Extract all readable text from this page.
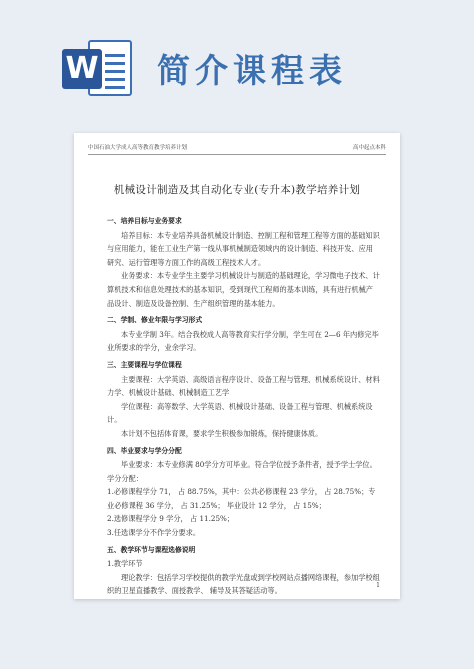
W 简介课程表
中国石油大学成人高等教育教学培养计划	高中起点本科
机械设计制造及其自动化专业(专升本)教学培养计划

一、培养目标与业务要求

培养目标：本专业培养具备机械设计制造、控制工程和管理工程等方面的基础知识与应用能力，能在工业生产第一线从事机械制造领域内的设计制造、科技开发、应用研究、运行管理等方面工作的高级工程技术人才。

业务要求：本专业学生主要学习机械设计与制造的基础理论，学习微电子技术、计算机技术和信息处理技术的基本知识，受到现代工程师的基本训练，具有进行机械产品设计、制造及设备控制、生产组织管理的基本能力。

二、学制、修业年限与学习形式

本专业学制 3年。结合我校成人高等教育实行学分制，学生可在 2—6 年内修完毕业所要求的学分，业余学习。

三、主要课程与学位课程

主要课程：大学英语、高级语言程序设计、设备工程与管理、机械系统设计、材料力学、机械设计基础、机械制造工艺学

学位课程：高等数学、大学英语、机械设计基础、设备工程与管理、机械系统设计。

本计划不包括体育课，要求学生积极参加锻炼，保持健康体质。

四、毕业要求与学分分配

毕业要求：本专业修满 80学分方可毕业。符合学位授予条件者，授予学士学位。

学分分配：

1.必修课程学分 71， 占 88.75%，其中：公共必修课程 23 学分， 占 28.75%；专业必修课程 36 学分， 占 31.25%； 毕业设计 12 学分， 占 15%；

2.选修课程学分 9 学分， 占 11.25%；

3.任选课学分不作学分要求。

五、教学环节与课程选修说明

1.教学环节

理论教学：包括学习学校提供的教学光盘或到学校网站点播网络课程，参加学校组织的卫星直播教学、面授教学、 辅导及其答疑活动等。

1
